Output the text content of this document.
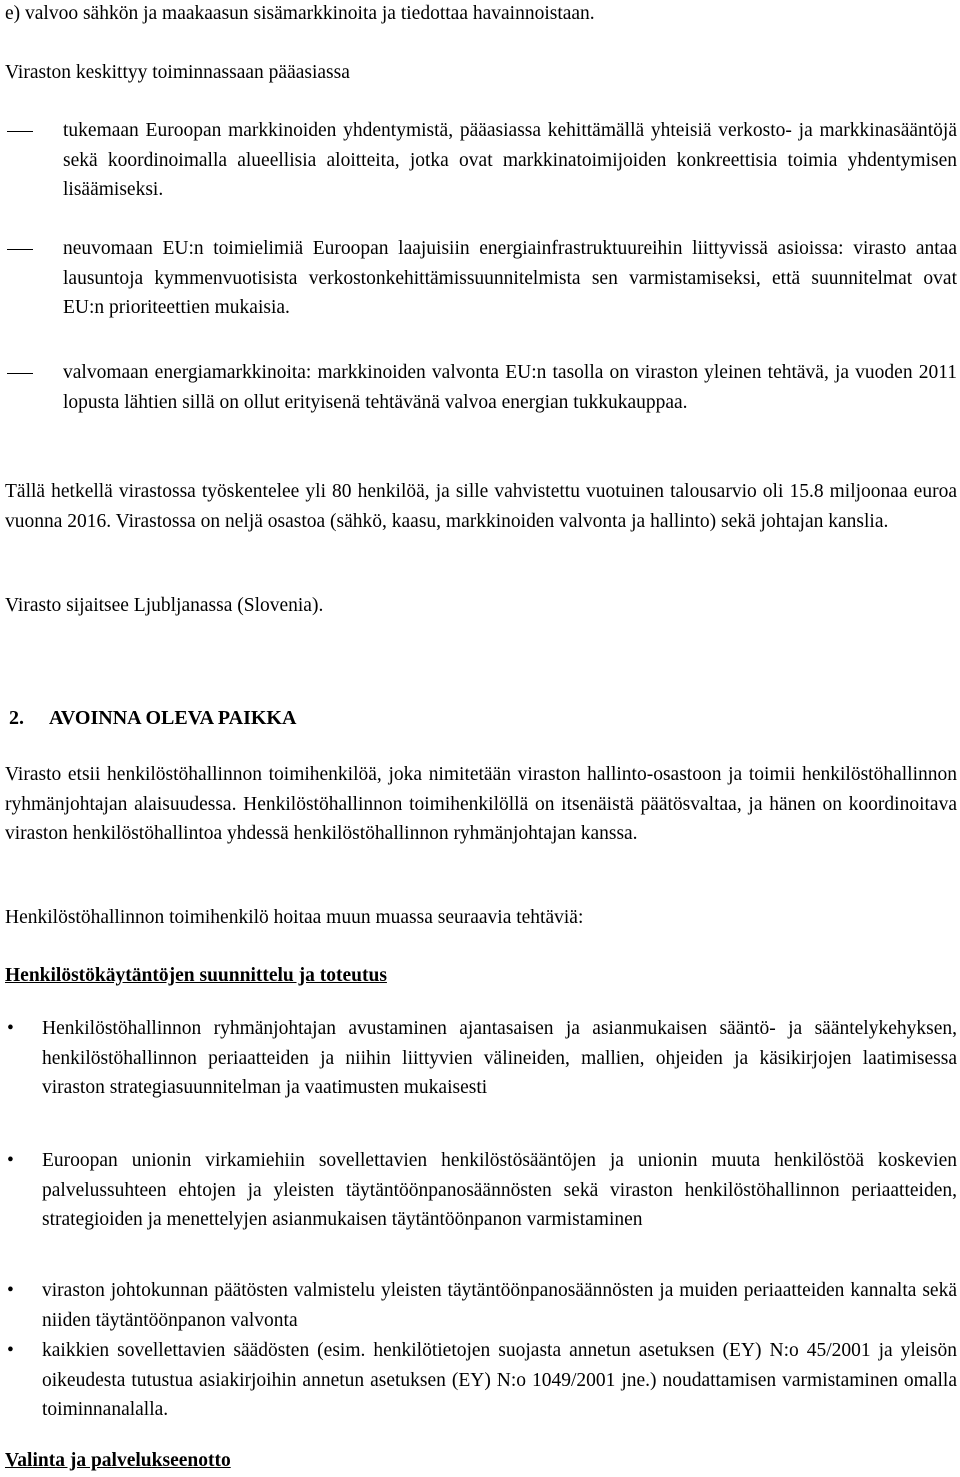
e) valvoo sähkön ja maakaasun sisämarkkinoita ja tiedottaa havainnoistaan.

Viraston keskittyy toiminnassaan pääasiassa

tukemaan Euroopan markkinoiden yhdentymistä, pääasiassa kehittämällä yhteisiä verkosto- ja markkinasääntöjä sekä koordinoimalla alueellisia aloitteita, jotka ovat markkinatoimijoiden konkreettisia toimia yhdentymisen lisäämiseksi.
neuvomaan EU:n toimielimiä Euroopan laajuisiin energiainfrastruktuureihin liittyvissä asioissa: virasto antaa lausuntoja kymmenvuotisista verkostonkehittämissuunnitelmista sen varmistamiseksi, että suunnitelmat ovat EU:n prioriteettien mukaisia.
valvomaan energiamarkkinoita: markkinoiden valvonta EU:n tasolla on viraston yleinen tehtävä, ja vuoden 2011 lopusta lähtien sillä on ollut erityisenä tehtävänä valvoa energian tukkukauppaa.

Tällä hetkellä virastossa työskentelee yli 80 henkilöä, ja sille vahvistettu vuotuinen talousarvio oli 15.8 miljoonaa euroa vuonna 2016. Virastossa on neljä osastoa (sähkö, kaasu, markkinoiden valvonta ja hallinto) sekä johtajan kanslia.

Virasto sijaitsee Ljubljanassa (Slovenia).

2. AVOINNA OLEVA PAIKKA

Virasto etsii henkilöstöhallinnon toimihenkilöä, joka nimitetään viraston hallinto-osastoon ja toimii henkilöstöhallinnon ryhmänjohtajan alaisuudessa. Henkilöstöhallinnon toimihenkilöllä on itsenäistä päätösvaltaa, ja hänen on koordinoitava viraston henkilöstöhallintoa yhdessä henkilöstöhallinnon ryhmänjohtajan kanssa.

Henkilöstöhallinnon toimihenkilö hoitaa muun muassa seuraavia tehtäviä:

Henkilöstökäytäntöjen suunnittelu ja toteutus

•	Henkilöstöhallinnon ryhmänjohtajan avustaminen ajantasaisen ja asianmukaisen sääntö- ja sääntelykehyksen, henkilöstöhallinnon periaatteiden ja niihin liittyvien välineiden, mallien, ohjeiden ja käsikirjojen laatimisessa viraston strategiasuunnitelman ja vaatimusten mukaisesti
•	Euroopan unionin virkamiehiin sovellettavien henkilöstösääntöjen ja unionin muuta henkilöstöä koskevien palvelussuhteen ehtojen ja yleisten täytäntöönpanosäännösten sekä viraston henkilöstöhallinnon periaatteiden, strategioiden ja menettelyjen asianmukaisen täytäntöönpanon varmistaminen
•	viraston johtokunnan päätösten valmistelu yleisten täytäntöönpanosäännösten ja muiden periaatteiden kannalta sekä niiden täytäntöönpanon valvonta
•	kaikkien sovellettavien säädösten (esim. henkilötietojen suojasta annetun asetuksen (EY) N:o 45/2001 ja yleisön oikeudesta tutustua asiakirjoihin annetun asetuksen (EY) N:o 1049/2001 jne.) noudattamisen varmistaminen omalla toiminnanalalla.

Valinta ja palvelukseenotto
